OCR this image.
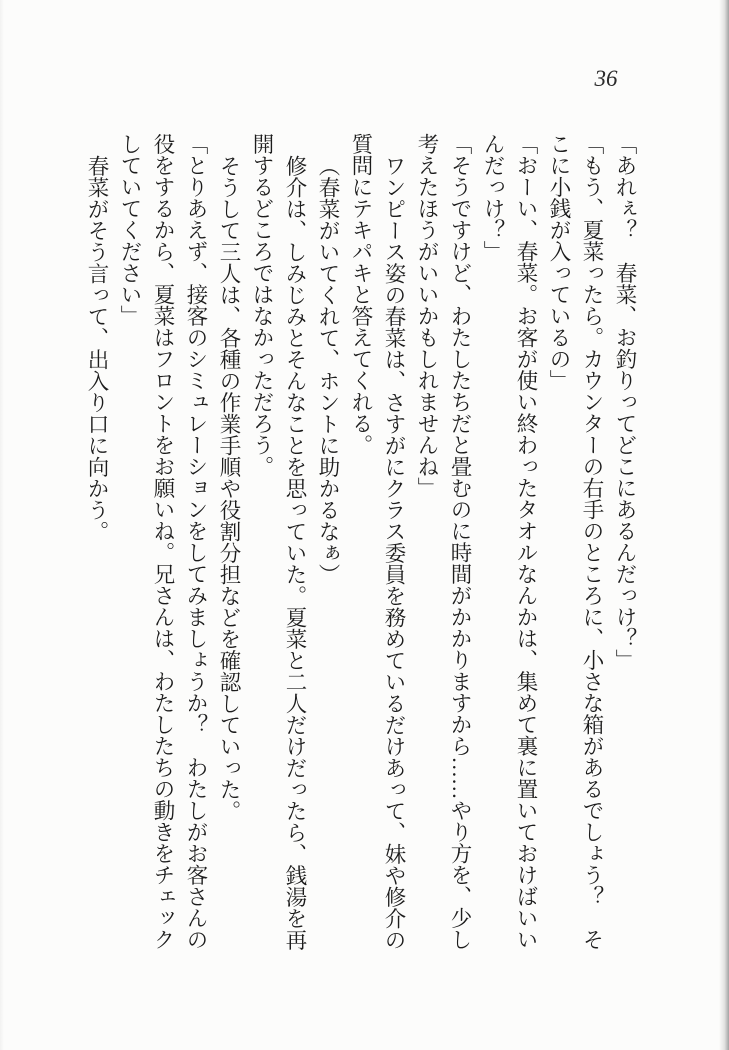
36

「あれぇ？　春菜、お釣りってどこにあるんだっけ？」

「もう、夏菜ったら。カウンターの右手のところに、小さな箱があるでしょう？　そこに小銭が入っているの」

「おーい、春菜。お客が使い終わったタオルなんかは、集めて裏に置いておけばいいんだっけ？」

「そうですけど、わたしたちだと畳むのに時間がかかりますから……やり方を、少し考えたほうがいいかもしれませんね」

ワンピース姿の春菜は、さすがにクラス委員を務めているだけあって、妹や修介の質問にテキパキと答えてくれる。

（春菜がいてくれて、ホントに助かるなぁ）

修介は、しみじみとそんなことを思っていた。夏菜と二人だけだったら、銭湯を再開するどころではなかっただろう。

そうして三人は、各種の作業手順や役割分担などを確認していった。

「とりあえず、接客のシミュレーションをしてみましょうか？　わたしがお客さんの役をするから、夏菜はフロントをお願いね。兄さんは、わたしたちの動きをチェックしていてください」

春菜がそう言って、出入り口に向かう。
